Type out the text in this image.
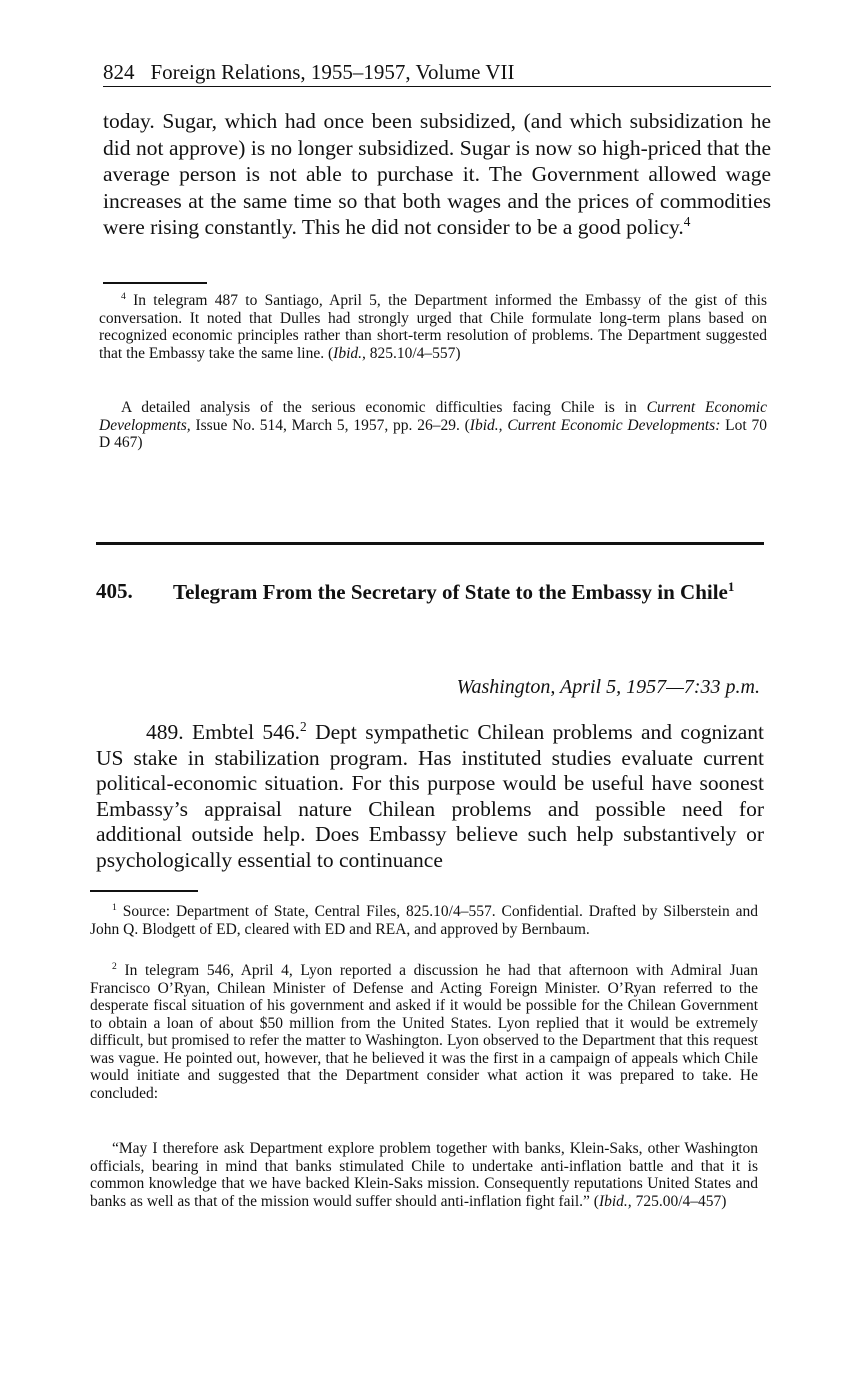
824 Foreign Relations, 1955–1957, Volume VII
today. Sugar, which had once been subsidized, (and which subsidization he did not approve) is no longer subsidized. Sugar is now so high-priced that the average person is not able to purchase it. The Government allowed wage increases at the same time so that both wages and the prices of commodities were rising constantly. This he did not consider to be a good policy.$^4$
$^4$ In telegram 487 to Santiago, April 5, the Department informed the Embassy of the gist of this conversation. It noted that Dulles had strongly urged that Chile formulate long-term plans based on recognized economic principles rather than short-term resolution of problems. The Department suggested that the Embassy take the same line. (Ibid., 825.10/4–557)
A detailed analysis of the serious economic difficulties facing Chile is in Current Economic Developments, Issue No. 514, March 5, 1957, pp. 26–29. (Ibid., Current Economic Developments: Lot 70 D 467)
405. Telegram From the Secretary of State to the Embassy in Chile$^1$
Washington, April 5, 1957—7:33 p.m.
489. Embtel 546.$^2$ Dept sympathetic Chilean problems and cognizant US stake in stabilization program. Has instituted studies evaluate current political-economic situation. For this purpose would be useful have soonest Embassy’s appraisal nature Chilean problems and possible need for additional outside help. Does Embassy believe such help substantively or psychologically essential to continuance
$^1$ Source: Department of State, Central Files, 825.10/4–557. Confidential. Drafted by Silberstein and John Q. Blodgett of ED, cleared with ED and REA, and approved by Bernbaum.
$^2$ In telegram 546, April 4, Lyon reported a discussion he had that afternoon with Admiral Juan Francisco O’Ryan, Chilean Minister of Defense and Acting Foreign Minister. O’Ryan referred to the desperate fiscal situation of his government and asked if it would be possible for the Chilean Government to obtain a loan of about $50 million from the United States. Lyon replied that it would be extremely difficult, but promised to refer the matter to Washington. Lyon observed to the Department that this request was vague. He pointed out, however, that he believed it was the first in a campaign of appeals which Chile would initiate and suggested that the Department consider what action it was prepared to take. He concluded:
“May I therefore ask Department explore problem together with banks, Klein-Saks, other Washington officials, bearing in mind that banks stimulated Chile to undertake anti-inflation battle and that it is common knowledge that we have backed Klein-Saks mission. Consequently reputations United States and banks as well as that of the mission would suffer should anti-inflation fight fail.” (Ibid., 725.00/4–457)
